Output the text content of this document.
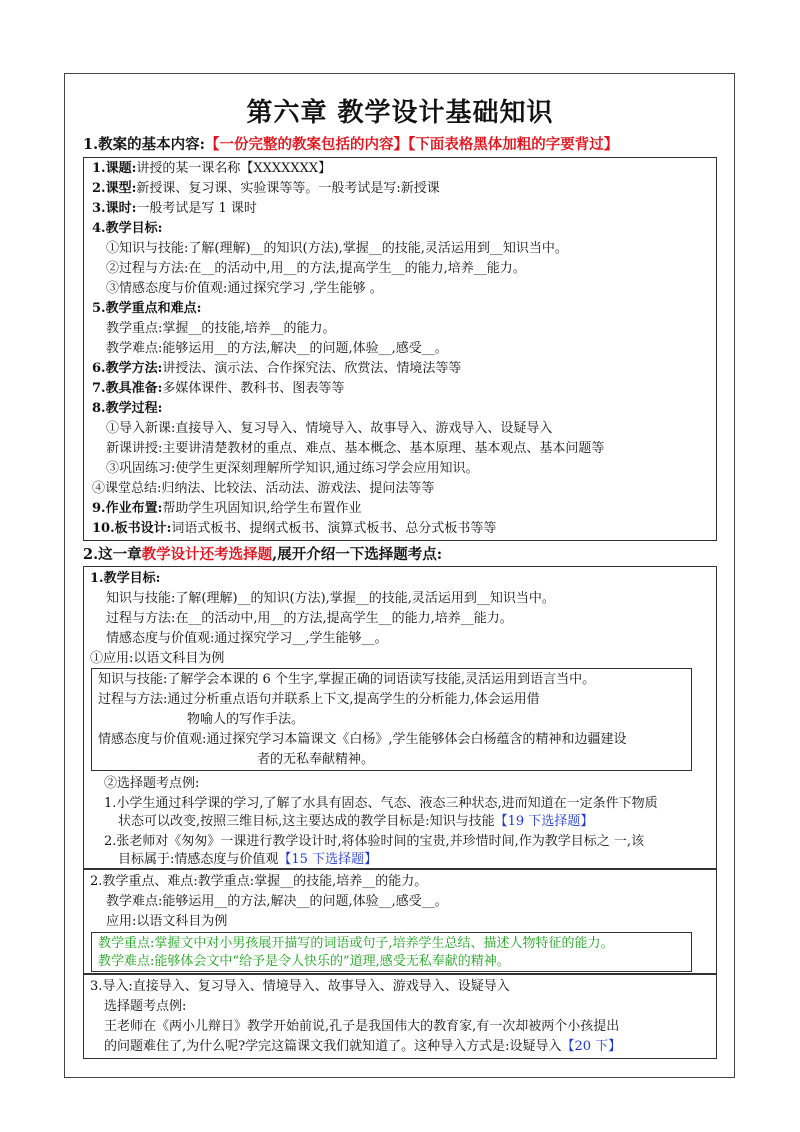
第六章 教学设计基础知识
1.教案的基本内容:【一份完整的教案包括的内容】【下面表格黑体加粗的字要背过】
1.课题:讲授的某一课名称【XXXXXXX】
2.课型:新授课、复习课、实验课等等。一般考试是写:新授课
3.课时:一般考试是写 1 课时
4.教学目标:
①知识与技能:了解(理解)__的知识(方法),掌握__的技能,灵活运用到__知识当中。
②过程与方法:在__的活动中,用__的方法,提高学生__的能力,培养__能力。
③情感态度与价值观:通过探究学习 ,学生能够 。
5.教学重点和难点:
教学重点:掌握__的技能,培养__的能力。
教学难点:能够运用__的方法,解决__的问题,体验__,感受__。
6.教学方法:讲授法、演示法、合作探究法、欣赏法、情境法等等
7.教具准备:多媒体课件、教科书、图表等等
8.教学过程:
①导入新课:直接导入、复习导入、情境导入、故事导入、游戏导入、设疑导入
新课讲授:主要讲清楚教材的重点、难点、基本概念、基本原理、基本观点、基本问题等
③巩固练习:使学生更深刻理解所学知识,通过练习学会应用知识。
④课堂总结:归纳法、比较法、活动法、游戏法、提问法等等
9.作业布置:帮助学生巩固知识,给学生布置作业
10.板书设计:词语式板书、提纲式板书、演算式板书、总分式板书等等
2.这一章教学设计还考选择题,展开介绍一下选择题考点:
1.教学目标:
知识与技能:了解(理解)__的知识(方法),掌握__的技能,灵活运用到__知识当中。
过程与方法:在__的活动中,用__的方法,提高学生__的能力,培养__能力。
情感态度与价值观:通过探究学习__,学生能够__。
①应用:以语文科目为例
知识与技能:了解学会本课的 6 个生字,掌握正确的词语读写技能,灵活运用到语言当中。
过程与方法:通过分析重点语句并联系上下文,提高学生的分析能力,体会运用借
物喻人的写作手法。
情感态度与价值观:通过探究学习本篇课文《白杨》,学生能够体会白杨蕴含的精神和边疆建设
者的无私奉献精神。
②选择题考点例:
1.小学生通过科学课的学习,了解了水具有固态、气态、液态三种状态,进而知道在一定条件下物质
状态可以改变,按照三维目标,这主要达成的教学目标是:知识与技能【19 下选择题】
2.张老师对《匆匆》一课进行教学设计时,将体验时间的宝贵,并珍惜时间,作为教学目标之 一,该
目标属于:情感态度与价值观【15 下选择题】
2.教学重点、难点:教学重点:掌握__的技能,培养__的能力。
教学难点:能够运用__的方法,解决__的问题,体验__,感受__。
应用:以语文科目为例
教学重点:掌握文中对小男孩展开描写的词语或句子,培养学生总结、描述人物特征的能力。
教学难点:能够体会文中“给予是令人快乐的”道理,感受无私奉献的精神。
3.导入:直接导入、复习导入、情境导入、故事导入、游戏导入、设疑导入
选择题考点例:
王老师在《两小儿辩日》教学开始前说,孔子是我国伟大的教育家,有一次却被两个小孩提出
的问题难住了,为什么呢?学完这篇课文我们就知道了。这种导入方式是:设疑导入【20 下】
